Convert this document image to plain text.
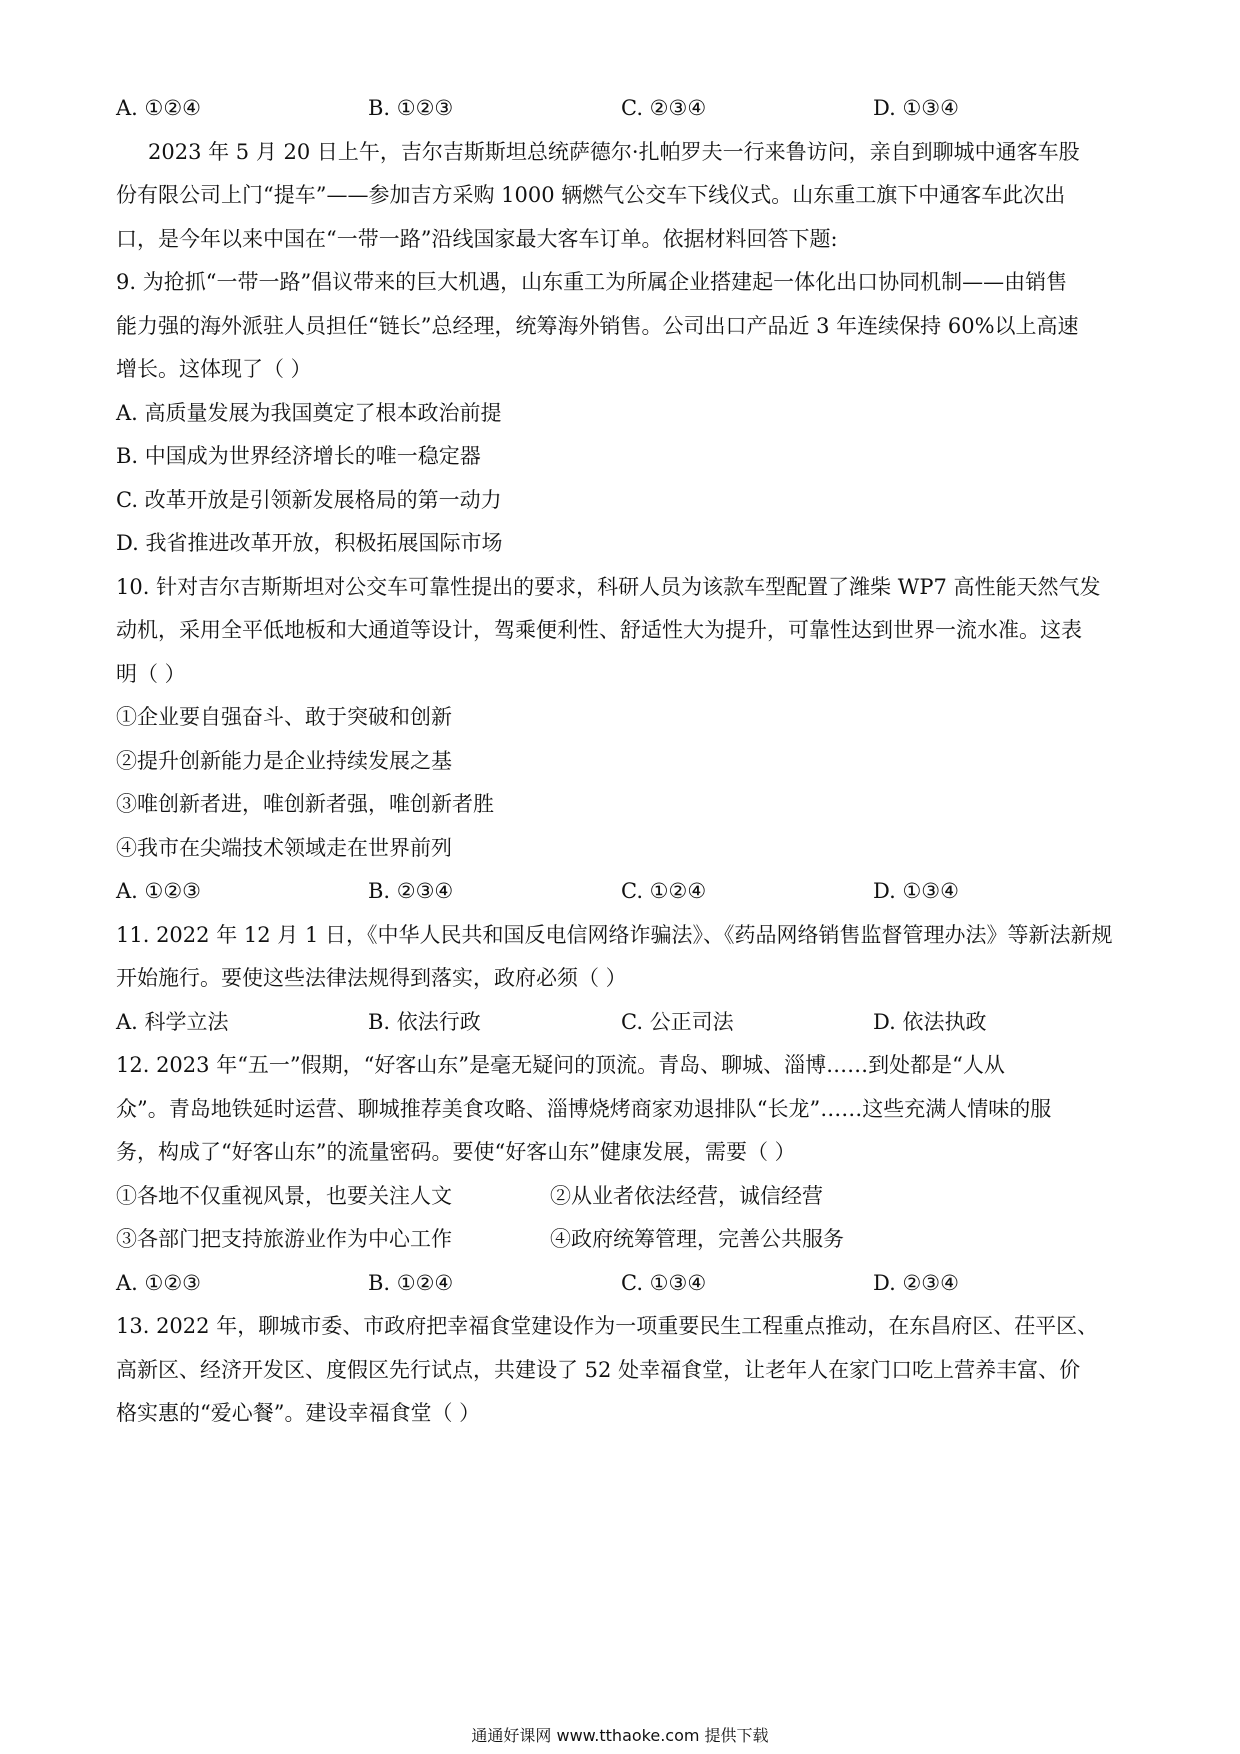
A. ①②④	B. ①②③	C. ②③④	D. ①③④
2023 年 5 月 20 日上午，吉尔吉斯斯坦总统萨德尔·扎帕罗夫一行来鲁访问，亲自到聊城中通客车股
份有限公司上门“提车”——参加吉方采购 1000 辆燃气公交车下线仪式。山东重工旗下中通客车此次出
口，是今年以来中国在“一带一路”沿线国家最大客车订单。依据材料回答下题:
9. 为抢抓“一带一路”倡议带来的巨大机遇，山东重工为所属企业搭建起一体化出口协同机制——由销售
能力强的海外派驻人员担任“链长”总经理，统筹海外销售。公司出口产品近 3 年连续保持 60%以上高速
增长。这体现了（ ）
A. 高质量发展为我国奠定了根本政治前提
B. 中国成为世界经济增长的唯一稳定器
C. 改革开放是引领新发展格局的第一动力
D. 我省推进改革开放，积极拓展国际市场
10. 针对吉尔吉斯斯坦对公交车可靠性提出的要求，科研人员为该款车型配置了潍柴 WP7 高性能天然气发
动机，采用全平低地板和大通道等设计，驾乘便利性、舒适性大为提升，可靠性达到世界一流水准。这表
明（ ）
①企业要自强奋斗、敢于突破和创新
②提升创新能力是企业持续发展之基
③唯创新者进，唯创新者强，唯创新者胜
④我市在尖端技术领域走在世界前列
A. ①②③	B. ②③④	C. ①②④	D. ①③④
11. 2022 年 12 月 1 日，《中华人民共和国反电信网络诈骗法》、《药品网络销售监督管理办法》等新法新规
开始施行。要使这些法律法规得到落实，政府必须（ ）
A. 科学立法	B. 依法行政	C. 公正司法	D. 依法执政
12. 2023 年“五一”假期，“好客山东”是毫无疑问的顶流。青岛、聊城、淄博……到处都是“人从
众”。青岛地铁延时运营、聊城推荐美食攻略、淄博烧烤商家劝退排队“长龙”……这些充满人情味的服
务，构成了“好客山东”的流量密码。要使“好客山东”健康发展，需要（ ）
①各地不仅重视风景，也要关注人文	②从业者依法经营，诚信经营
③各部门把支持旅游业作为中心工作	④政府统筹管理，完善公共服务
A. ①②③	B. ①②④	C. ①③④	D. ②③④
13. 2022 年，聊城市委、市政府把幸福食堂建设作为一项重要民生工程重点推动，在东昌府区、茌平区、
高新区、经济开发区、度假区先行试点，共建设了 52 处幸福食堂，让老年人在家门口吃上营养丰富、价
格实惠的“爱心餐”。建设幸福食堂（ ）
通通好课网 www.tthaoke.com 提供下载
